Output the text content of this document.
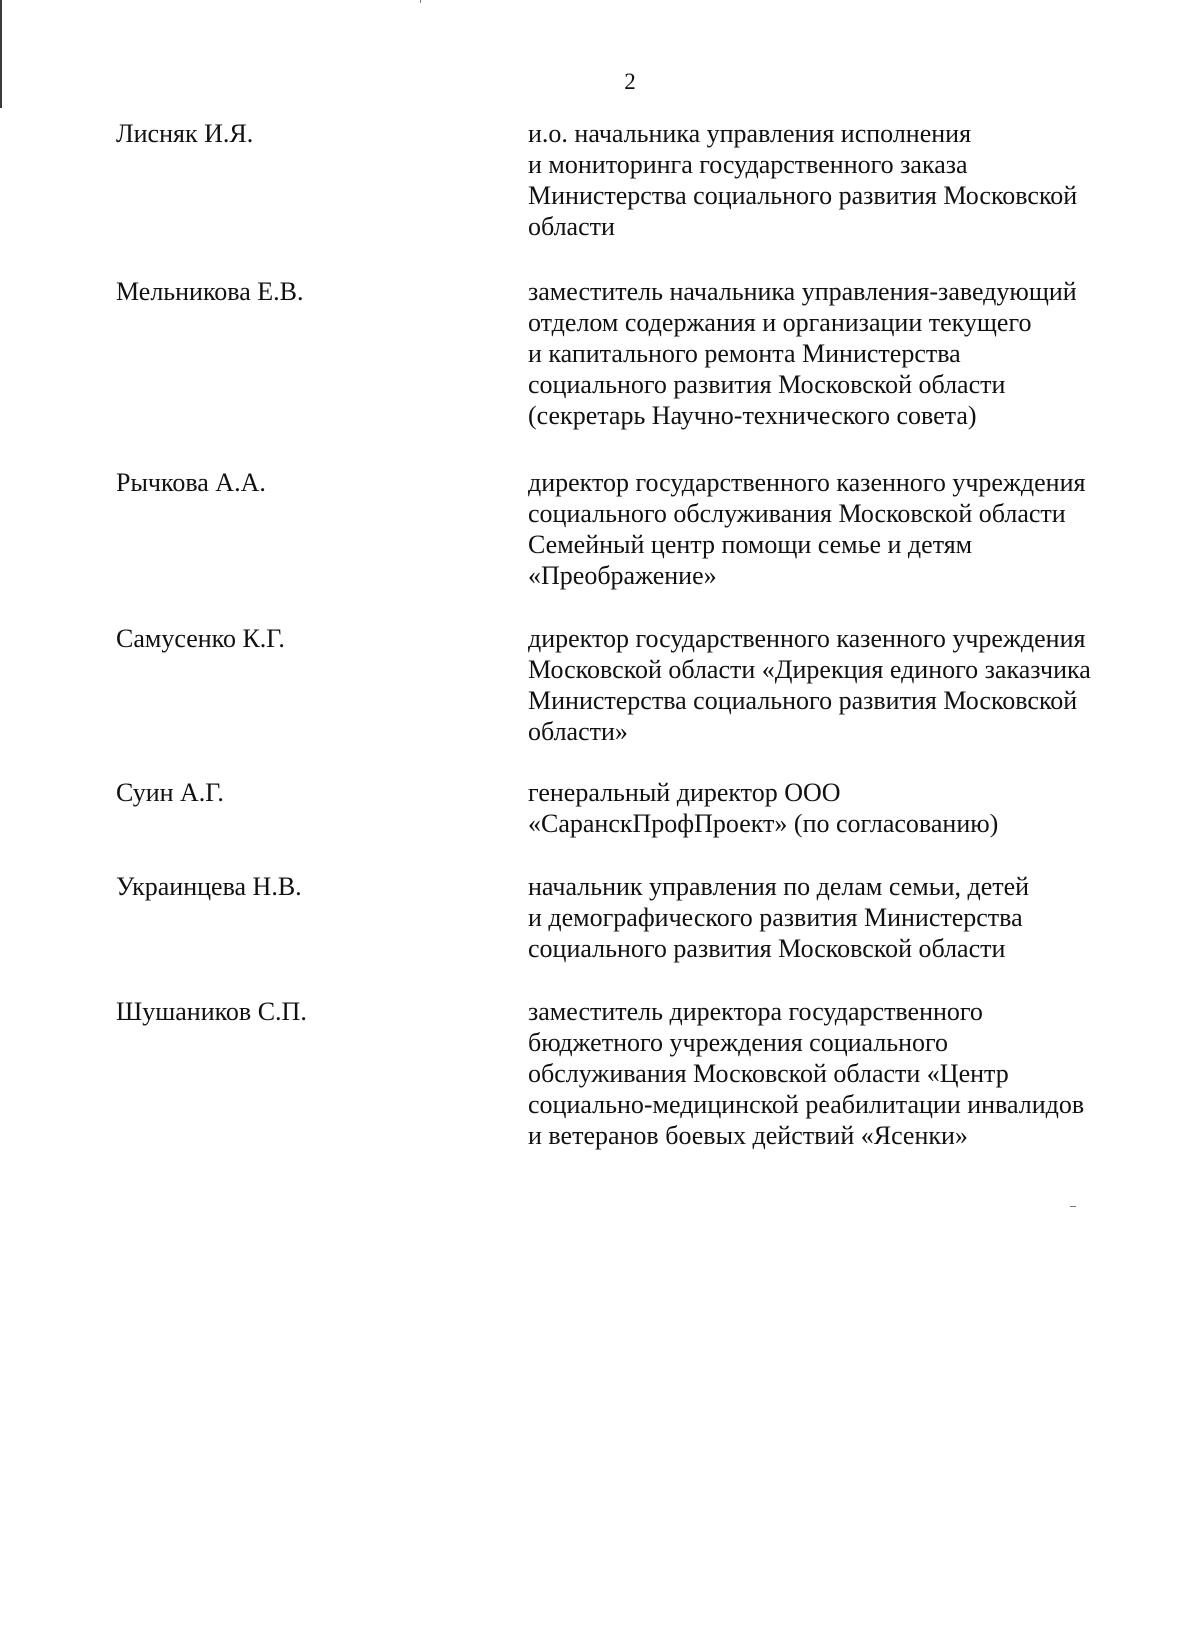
2
Лисняк И.Я.	и.о. начальника управления исполнения
и мониторинга государственного заказа
Министерства социального развития Московской
области
Мельникова Е.В.	заместитель начальника управления-заведующий
отделом содержания и организации текущего
и капитального ремонта Министерства
социального развития Московской области
(секретарь Научно-технического совета)
Рычкова А.А.	директор государственного казенного учреждения
социального обслуживания Московской области
Семейный центр помощи семье и детям
«Преображение»
Самусенко К.Г.	директор государственного казенного учреждения
Московской области «Дирекция единого заказчика
Министерства социального развития Московской
области»
Суин А.Г.	генеральный директор ООО
«СаранскПрофПроект» (по согласованию)
Украинцева Н.В.	начальник управления по делам семьи, детей
и демографического развития Министерства
социального развития Московской области
Шушаников С.П.	заместитель директора государственного
бюджетного учреждения социального
обслуживания Московской области «Центр
социально-медицинской реабилитации инвалидов
и ветеранов боевых действий «Ясенки»
